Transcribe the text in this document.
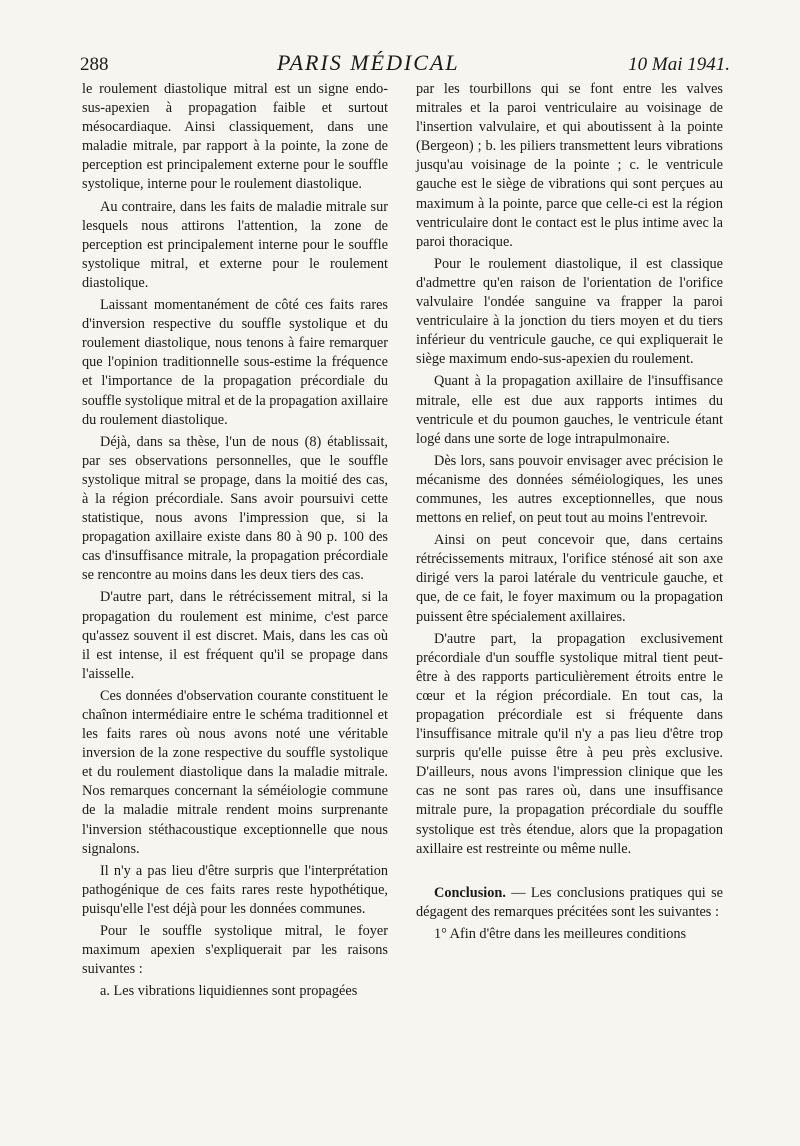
288	PARIS MÉDICAL	10 Mai 1941.

le roulement diastolique mitral est un signe endo-sus-apexien à propagation faible et surtout mésocardiaque. Ainsi classiquement, dans une maladie mitrale, par rapport à la pointe, la zone de perception est principalement externe pour le souffle systolique, interne pour le roulement diastolique.

Au contraire, dans les faits de maladie mitrale sur lesquels nous attirons l'attention, la zone de perception est principalement interne pour le souffle systolique mitral, et externe pour le roulement diastolique.

Laissant momentanément de côté ces faits rares d'inversion respective du souffle systolique et du roulement diastolique, nous tenons à faire remarquer que l'opinion traditionnelle sous-estime la fréquence et l'importance de la propagation précordiale du souffle systolique mitral et de la propagation axillaire du roulement diastolique.

Déjà, dans sa thèse, l'un de nous (8) établissait, par ses observations personnelles, que le souffle systolique mitral se propage, dans la moitié des cas, à la région précordiale. Sans avoir poursuivi cette statistique, nous avons l'impression que, si la propagation axillaire existe dans 80 à 90 p. 100 des cas d'insuffisance mitrale, la propagation précordiale se rencontre au moins dans les deux tiers des cas.

D'autre part, dans le rétrécissement mitral, si la propagation du roulement est minime, c'est parce qu'assez souvent il est discret. Mais, dans les cas où il est intense, il est fréquent qu'il se propage dans l'aisselle.

Ces données d'observation courante constituent le chaînon intermédiaire entre le schéma traditionnel et les faits rares où nous avons noté une véritable inversion de la zone respective du souffle systolique et du roulement diastolique dans la maladie mitrale. Nos remarques concernant la séméiologie commune de la maladie mitrale rendent moins surprenante l'inversion stéthacoustique exceptionnelle que nous signalons.

Il n'y a pas lieu d'être surpris que l'interprétation pathogénique de ces faits rares reste hypothétique, puisqu'elle l'est déjà pour les données communes.

Pour le souffle systolique mitral, le foyer maximum apexien s'expliquerait par les raisons suivantes :

a. Les vibrations liquidiennes sont propagées

par les tourbillons qui se font entre les valves mitrales et la paroi ventriculaire au voisinage de l'insertion valvulaire, et qui aboutissent à la pointe (Bergeon) ; b. les piliers transmettent leurs vibrations jusqu'au voisinage de la pointe ; c. le ventricule gauche est le siège de vibrations qui sont perçues au maximum à la pointe, parce que celle-ci est la région ventriculaire dont le contact est le plus intime avec la paroi thoracique.

Pour le roulement diastolique, il est classique d'admettre qu'en raison de l'orientation de l'orifice valvulaire l'ondée sanguine va frapper la paroi ventriculaire à la jonction du tiers moyen et du tiers inférieur du ventricule gauche, ce qui expliquerait le siège maximum endo-sus-apexien du roulement.

Quant à la propagation axillaire de l'insuffisance mitrale, elle est due aux rapports intimes du ventricule et du poumon gauches, le ventricule étant logé dans une sorte de loge intrapulmonaire.

Dès lors, sans pouvoir envisager avec précision le mécanisme des données séméiologiques, les unes communes, les autres exceptionnelles, que nous mettons en relief, on peut tout au moins l'entrevoir.

Ainsi on peut concevoir que, dans certains rétrécissements mitraux, l'orifice sténosé ait son axe dirigé vers la paroi latérale du ventricule gauche, et que, de ce fait, le foyer maximum ou la propagation puissent être spécialement axillaires.

D'autre part, la propagation exclusivement précordiale d'un souffle systolique mitral tient peut-être à des rapports particulièrement étroits entre le cœur et la région précordiale. En tout cas, la propagation précordiale est si fréquente dans l'insuffisance mitrale qu'il n'y a pas lieu d'être trop surpris qu'elle puisse être à peu près exclusive. D'ailleurs, nous avons l'impression clinique que les cas ne sont pas rares où, dans une insuffisance mitrale pure, la propagation précordiale du souffle systolique est très étendue, alors que la propagation axillaire est restreinte ou même nulle.

Conclusion. — Les conclusions pratiques qui se dégagent des remarques précitées sont les suivantes :

1° Afin d'être dans les meilleures conditions
